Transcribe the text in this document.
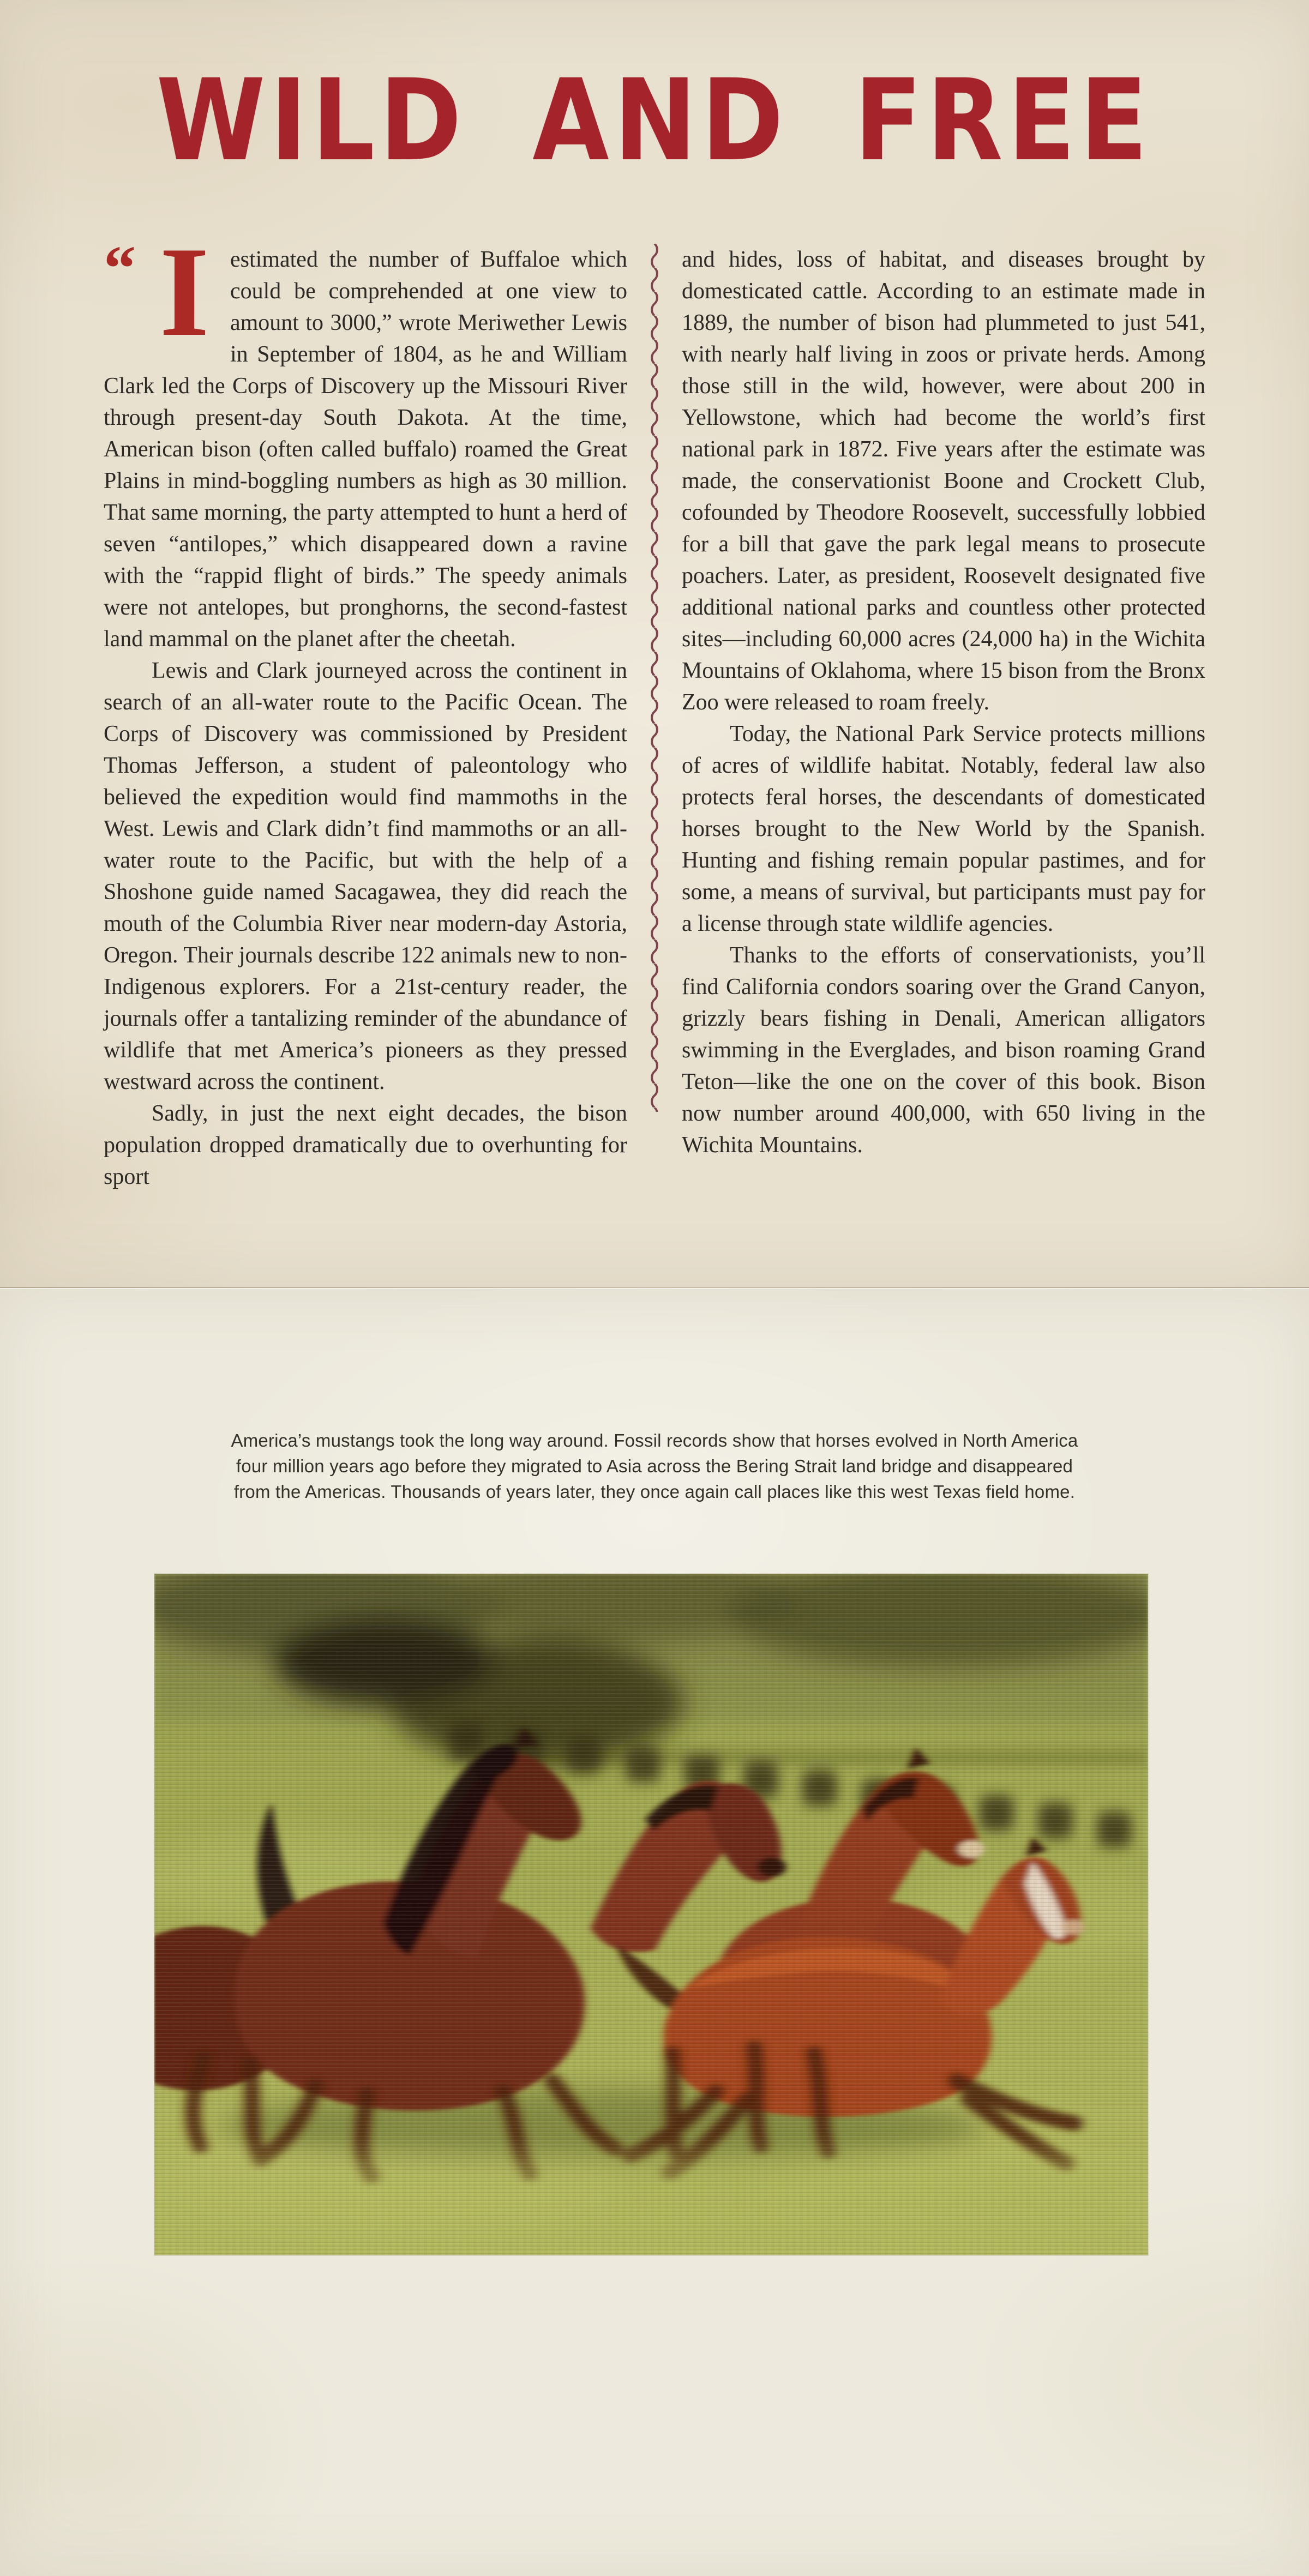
WILD AND FREE

“ I estimated the number of Buffaloe which could be comprehended at one view to amount to 3000,” wrote Meriwether Lewis in September of 1804, as he and William Clark led the Corps of Discovery up the Missouri River through present-day South Dakota. At the time, American bison (often called buffalo) roamed the Great Plains in mind-boggling numbers as high as 30 million. That same morning, the party attempted to hunt a herd of seven “antilopes,” which disappeared down a ravine with the “rappid flight of birds.” The speedy animals were not antelopes, but pronghorns, the second-fastest land mammal on the planet after the cheetah.

Lewis and Clark journeyed across the continent in search of an all-water route to the Pacific Ocean. The Corps of Discovery was commissioned by President Thomas Jefferson, a student of paleontology who believed the expedition would find mammoths in the West. Lewis and Clark didn’t find mammoths or an all-water route to the Pacific, but with the help of a Shoshone guide named Sacagawea, they did reach the mouth of the Columbia River near modern-day Astoria, Oregon. Their journals describe 122 animals new to non-Indigenous explorers. For a 21st-century reader, the journals offer a tantalizing reminder of the abundance of wildlife that met America’s pioneers as they pressed westward across the continent.

Sadly, in just the next eight decades, the bison population dropped dramatically due to overhunting for sport

and hides, loss of habitat, and diseases brought by domesticated cattle. According to an estimate made in 1889, the number of bison had plummeted to just 541, with nearly half living in zoos or private herds. Among those still in the wild, however, were about 200 in Yellowstone, which had become the world’s first national park in 1872. Five years after the estimate was made, the conservationist Boone and Crockett Club, cofounded by Theodore Roosevelt, successfully lobbied for a bill that gave the park legal means to prosecute poachers. Later, as president, Roosevelt designated five additional national parks and countless other protected sites—including 60,000 acres (24,000 ha) in the Wichita Mountains of Oklahoma, where 15 bison from the Bronx Zoo were released to roam freely.

Today, the National Park Service protects millions of acres of wildlife habitat. Notably, federal law also protects feral horses, the descendants of domesticated horses brought to the New World by the Spanish. Hunting and fishing remain popular pastimes, and for some, a means of survival, but participants must pay for a license through state wildlife agencies.

Thanks to the efforts of conservationists, you’ll find California condors soaring over the Grand Canyon, grizzly bears fishing in Denali, American alligators swimming in the Everglades, and bison roaming Grand Teton—like the one on the cover of this book. Bison now number around 400,000, with 650 living in the Wichita Mountains.

America’s mustangs took the long way around. Fossil records show that horses evolved in North America four million years ago before they migrated to Asia across the Bering Strait land bridge and disappeared from the Americas. Thousands of years later, they once again call places like this west Texas field home.
